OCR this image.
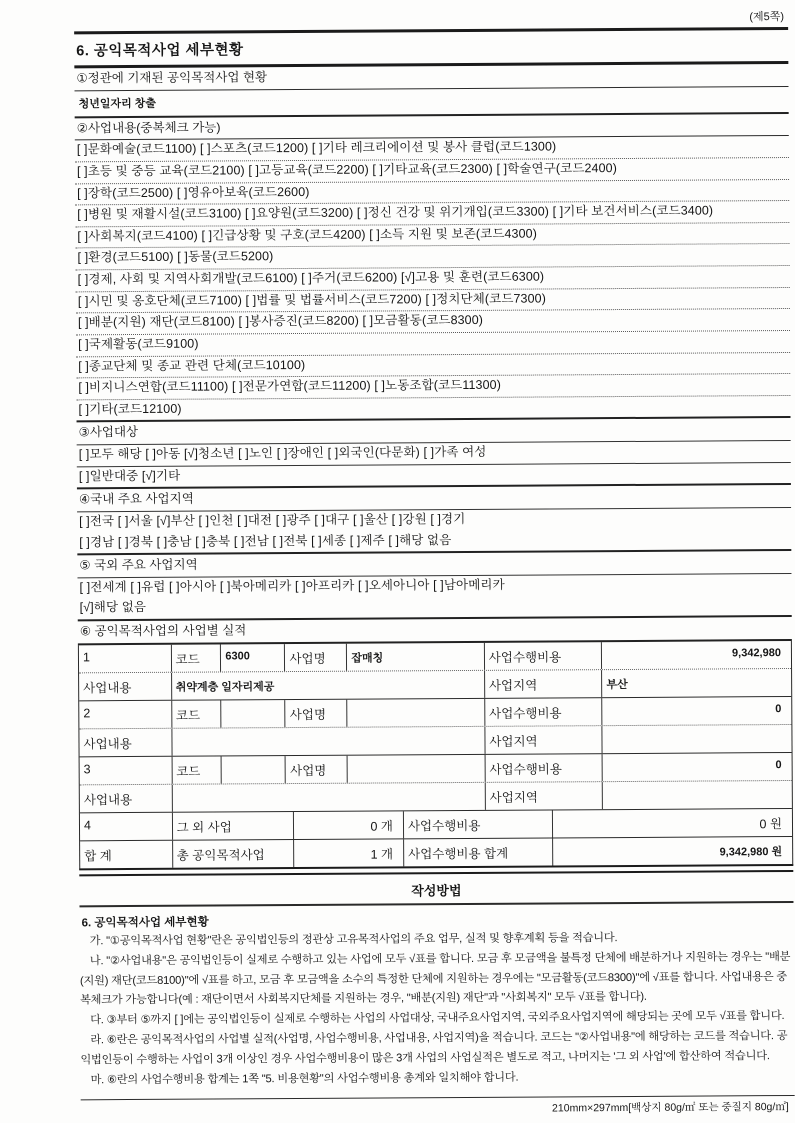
(제5쪽)
6. 공익목적사업 세부현황
①정관에 기재된 공익목적사업 현황
청년일자리 창출
②사업내용(중복체크 가능)
[ ]문화예술(코드1100) [ ]스포츠(코드1200) [ ]기타 레크리에이션 및 봉사 클럽(코드1300)
[ ]초등 및 중등 교육(코드2100) [ ]고등교육(코드2200) [ ]기타교육(코드2300) [ ]학술연구(코드2400)
[ ]장학(코드2500) [ ]영유아보육(코드2600)
[ ]병원 및 재활시설(코드3100) [ ]요양원(코드3200) [ ]정신 건강 및 위기개입(코드3300) [ ]기타 보건서비스(코드3400)
[ ]사회복지(코드4100) [ ]긴급상황 및 구호(코드4200) [ ]소득 지원 및 보존(코드4300)
[ ]환경(코드5100) [ ]동물(코드5200)
[ ]경제, 사회 및 지역사회개발(코드6100) [ ]주거(코드6200) [√]고용 및 훈련(코드6300)
[ ]시민 및 옹호단체(코드7100) [ ]법률 및 법률서비스(코드7200) [ ]정치단체(코드7300)
[ ]배분(지원) 재단(코드8100) [ ]봉사증진(코드8200) [ ]모금활동(코드8300)
[ ]국제활동(코드9100)
[ ]종교단체 및 종교 관련 단체(코드10100)
[ ]비지니스연합(코드11100) [ ]전문가연합(코드11200) [ ]노동조합(코드11300)
[ ]기타(코드12100)
③사업대상
[ ]모두 해당 [ ]아동 [√]청소년 [ ]노인 [ ]장애인 [ ]외국인(다문화) [ ]가족 여성
[ ]일반대중 [√]기타
④국내 주요 사업지역
[ ]전국 [ ]서울 [√]부산 [ ]인천 [ ]대전 [ ]광주 [ ]대구 [ ]울산 [ ]강원 [ ]경기
[ ]경남 [ ]경북 [ ]충남 [ ]충북 [ ]전남 [ ]전북 [ ]세종 [ ]제주 [ ]해당 없음
⑤ 국외 주요 사업지역
[ ]전세계 [ ]유럽 [ ]아시아 [ ]북아메리카 [ ]아프리카 [ ]오세아니아 [ ]남아메리카
[√]해당 없음
⑥ 공익목적사업의 사업별 실적
1	코드	6300	사업명	잡매칭	사업수행비용	9,342,980
사업내용	취약계층 일자리제공	사업지역	부산
2	코드	사업명	사업수행비용	0
사업내용	사업지역
3	코드	사업명	사업수행비용	0
사업내용	사업지역
4	그 외 사업	0 개	사업수행비용	0 원
합 계	총 공익목적사업	1 개	사업수행비용 합계	9,342,980 원
작성방법
6. 공익목적사업 세부현황

가. "①공익목적사업 현황"란은 공익법인등의 정관상 고유목적사업의 주요 업무, 실적 및 향후계획 등을 적습니다.

나. "②사업내용"은 공익법인등이 실제로 수행하고 있는 사업에 모두 √표를 합니다. 모금 후 모금액을 불특정 단체에 배분하거나 지원하는 경우는 "배분(지원) 재단(코드8100)"에 √표를 하고, 모금 후 모금액을 소수의 특정한 단체에 지원하는 경우에는 "모금활동(코드8300)"에 √표를 합니다. 사업내용은 중복체크가 가능합니다(예 : 재단이면서 사회복지단체를 지원하는 경우, "배분(지원) 재단"과 "사회복지" 모두 √표를 합니다).

다. ③부터 ⑤까지 [ ]에는 공익법인등이 실제로 수행하는 사업의 사업대상, 국내주요사업지역, 국외주요사업지역에 해당되는 곳에 모두 √표를 합니다.

라. ⑥란은 공익목적사업의 사업별 실적(사업명, 사업수행비용, 사업내용, 사업지역)을 적습니다. 코드는 "②사업내용"에 해당하는 코드를 적습니다. 공익법인등이 수행하는 사업이 3개 이상인 경우 사업수행비용이 많은 3개 사업의 사업실적은 별도로 적고, 나머지는 '그 외 사업'에 합산하여 적습니다.

마. ⑥란의 사업수행비용 합계는 1쪽 "5. 비용현황"의 사업수행비용 총계와 일치해야 합니다.

210mm×297mm[백상지 80g/㎡ 또는 중질지 80g/㎡]
